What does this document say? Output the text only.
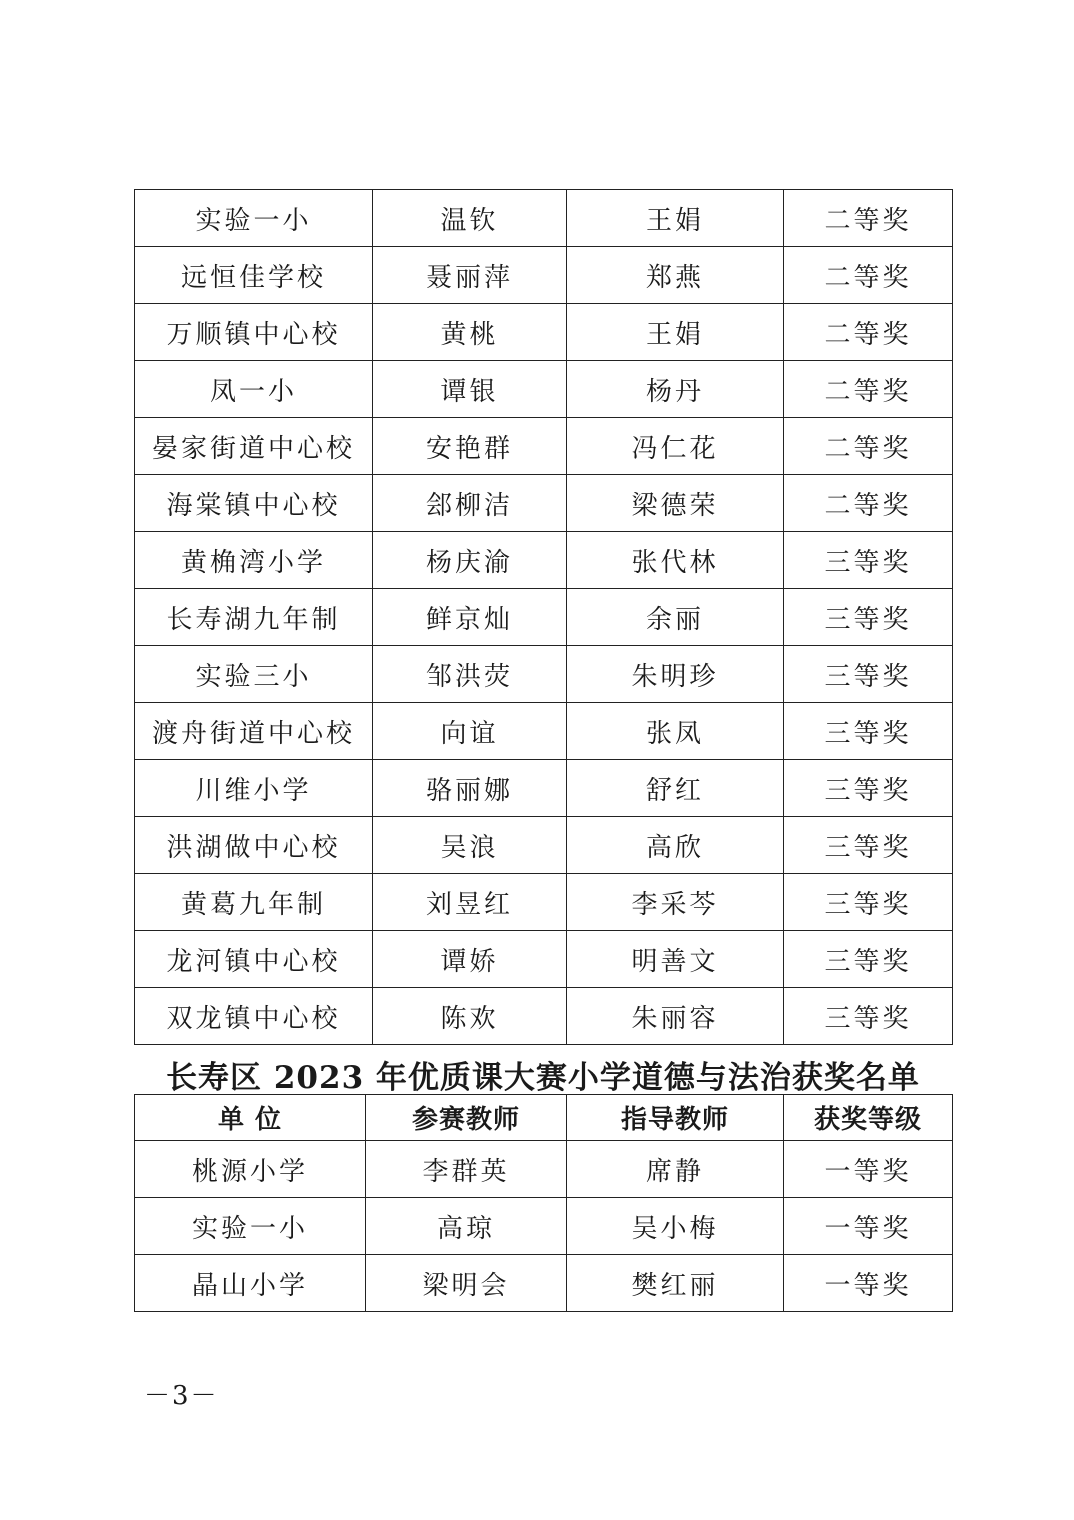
实验一小	温钦	王娟	二等奖
远恒佳学校	聂丽萍	郑燕	二等奖
万顺镇中心校	黄桃	王娟	二等奖
凤一小	谭银	杨丹	二等奖
晏家街道中心校	安艳群	冯仁花	二等奖
海棠镇中心校	郐柳洁	梁德荣	二等奖
黄桷湾小学	杨庆渝	张代林	三等奖
长寿湖九年制	鲜京灿	余丽	三等奖
实验三小	邹洪荧	朱明珍	三等奖
渡舟街道中心校	向谊	张凤	三等奖
川维小学	骆丽娜	舒红	三等奖
洪湖做中心校	吴浪	高欣	三等奖
黄葛九年制	刘昱红	李采芩	三等奖
龙河镇中心校	谭娇	明善文	三等奖
双龙镇中心校	陈欢	朱丽容	三等奖
长寿区 2023 年优质课大赛小学道德与法治获奖名单
单 位	参赛教师	指导教师	获奖等级
桃源小学	李群英	席静	一等奖
实验一小	高琼	吴小梅	一等奖
晶山小学	梁明会	樊红丽	一等奖
－3－
